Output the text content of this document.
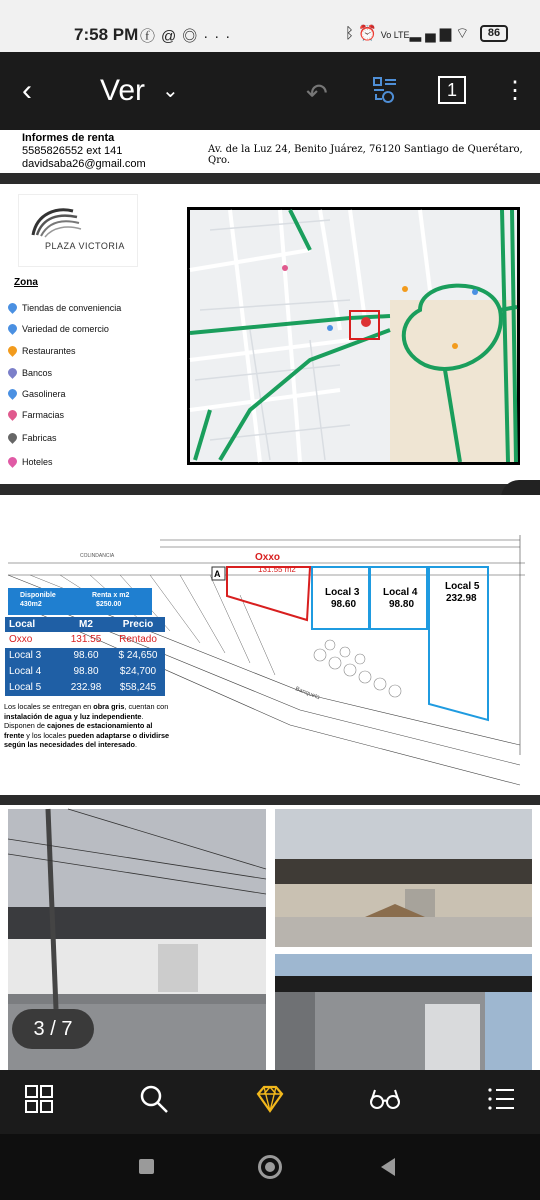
7:58 PM ⓕ@◎···	ᛒ⏰Vo LTE▂▄▆⌔	86
‹ Ver ⌄	↶	1	⋮
Informes de renta
5585826552 ext 141
davidsaba26@gmail.com
Av. de la Luz 24, Benito Juárez, 76120 Santiago de Querétaro, Qro.
PLAZA VICTORIA
Zona
Tiendas de conveniencia
Variedad de comercio
Restaurantes
Bancos
Gasolinera
Farmacias
Fabricas
Hoteles
A
Banqueta
COLINDANCIA	Oxxo
131.55 m2
Local 3
98.60
Local 4
98.80
Local 5
232.98
Disponible
430m2
Renta x m2
$250.00
Local	M2	Precio
Oxxo	131.55	Rentado
Local 3	98.60	$ 24,650
Local 4	98.80	$24,700
Local 5	232.98	$58,245
Los locales se entregan en obra gris, cuentan con instalación de agua y luz independiente. Disponen de cajones de estacionamiento al frente y los locales pueden adaptarse o dividirse según las necesidades del interesado.
3 / 7
